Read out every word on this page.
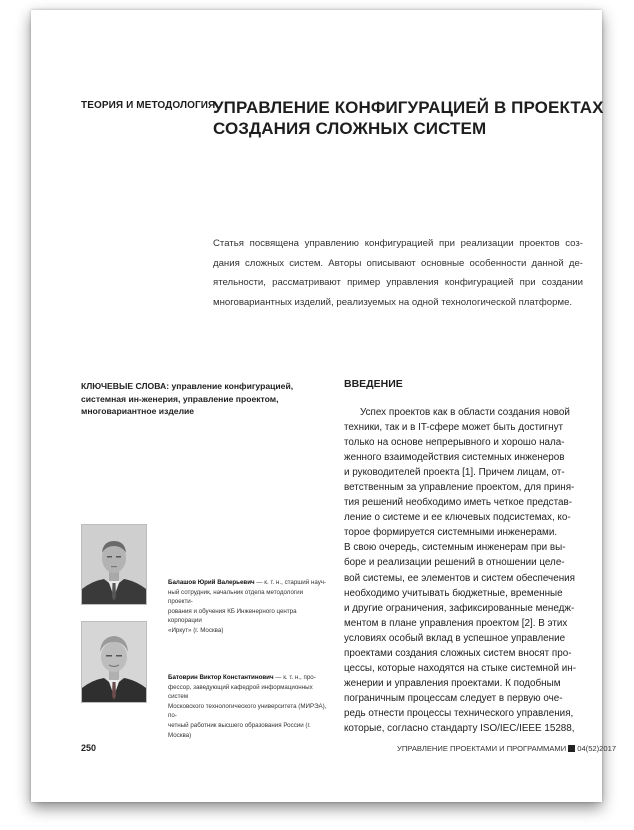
ТЕОРИЯ И МЕТОДОЛОГИЯ
УПРАВЛЕНИЕ КОНФИГУРАЦИЕЙ В ПРОЕКТАХ
СОЗДАНИЯ СЛОЖНЫХ СИСТЕМ
Статья посвящена управлению конфигурацией при реализации проектов соз-
дания сложных систем. Авторы описывают основные особенности данной де-
ятельности, рассматривают пример управления конфигурацией при создании
многовариантных изделий, реализуемых на одной технологической платформе.
КЛЮЧЕВЫЕ СЛОВА: управление конфигурацией, системная ин-женерия, управление проектом, многовариантное изделие
Балашов Юрий Валерьевич — к. т. н., старший науч-
ный сотрудник, начальник отдела методологии проекти-
рования и обучения КБ Инженерного центра корпорации
«Иркут» (г. Москва)
Батоврин Виктор Константинович — к. т. н., про-
фессор, заведующий кафедрой информационных систем
Московского технологического университета (МИРЭА), по-
четный работник высшего образования России (г. Москва)
ВВЕДЕНИЕ
Успех проектов как в области создания новой
техники, так и в IT-сфере может быть достигнут
только на основе непрерывного и хорошо нала-
женного взаимодействия системных инженеров
и руководителей проекта [1]. Причем лицам, от-
ветственным за управление проектом, для приня-
тия решений необходимо иметь четкое представ-
ление о системе и ее ключевых подсистемах, ко-
торое формируется системными инженерами.
В свою очередь, системным инженерам при вы-
боре и реализации решений в отношении целе-
вой системы, ее элементов и систем обеспечения
необходимо учитывать бюджетные, временные
и другие ограничения, зафиксированные менедж-
ментом в плане управления проектом [2]. В этих
условиях особый вклад в успешное управление
проектами создания сложных систем вносят про-
цессы, которые находятся на стыке системной ин-
женерии и управления проектами. К подобным
пограничным процессам следует в первую оче-
редь отнести процессы технического управления,
которые, согласно стандарту ISO/IEC/IEEE 15288,
250	УПРАВЛЕНИЕ ПРОЕКТАМИ И ПРОГРАММАМИ 04(52)2017
